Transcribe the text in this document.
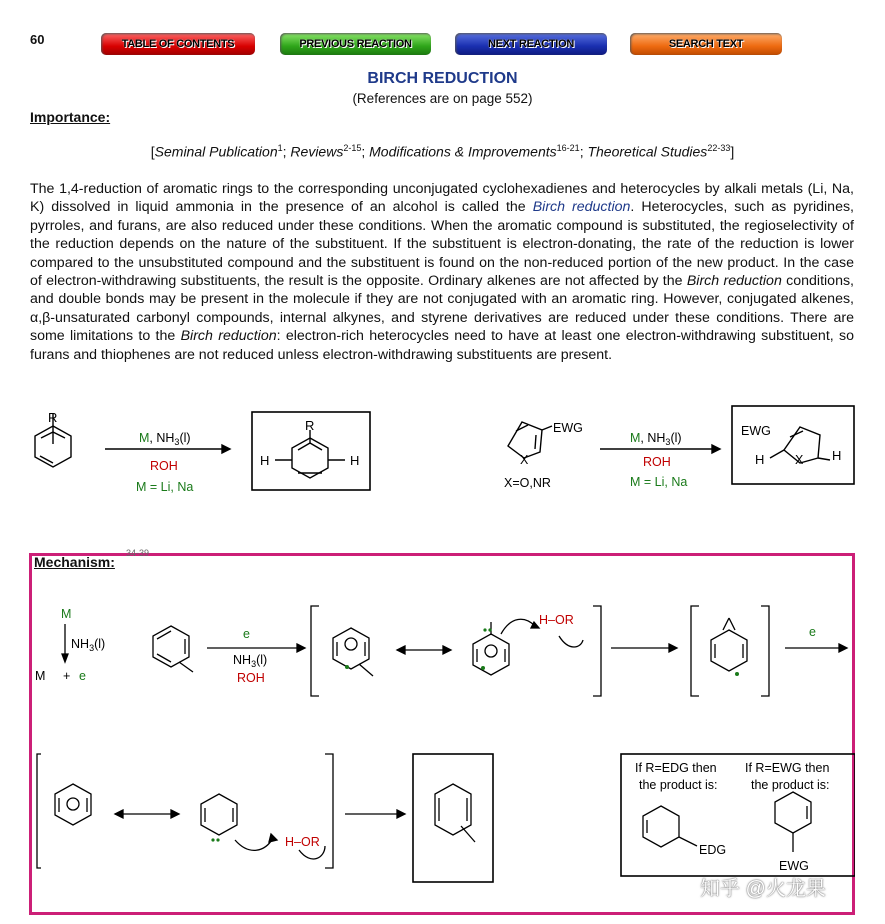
60	TABLE OF CONTENTS	PREVIOUS REACTION	NEXT REACTION	SEARCH TEXT
BIRCH REDUCTION
(References are on page 552)
Importance:
[Seminal Publication$^1$; Reviews$^{2-15}$; Modifications & Improvements$^{16-21}$; Theoretical Studies$^{22-33}$]
The 1,4-reduction of aromatic rings to the corresponding unconjugated cyclohexadienes and heterocycles by alkali metals (Li, Na, K) dissolved in liquid ammonia in the presence of an alcohol is called the Birch reduction. Heterocycles, such as pyridines, pyrroles, and furans, are also reduced under these conditions. When the aromatic compound is substituted, the regioselectivity of the reduction depends on the nature of the substituent. If the substituent is electron-donating, the rate of the reduction is lower compared to the unsubstituted compound and the substituent is found on the non-reduced portion of the new product. In the case of electron-withdrawing substituents, the result is the opposite. Ordinary alkenes are not affected by the Birch reduction conditions, and double bonds may be present in the molecule if they are not conjugated with an aromatic ring. However, conjugated alkenes, α,β-unsaturated carbonyl compounds, internal alkynes, and styrene derivatives are reduced under these conditions. There are some limitations to the Birch reduction: electron-rich heterocycles need to have at least one electron-withdrawing substituent, so furans and thiophenes are not reduced unless electron-withdrawing substituents are present.
R
M, $NH_3(l)$
ROH
M = Li, Na
R
H	H
EWG
X
X=O,NR
M, $NH_3(l)$
ROH
M = Li, Na
EWG
H X H
Mechanism:
34-39
M
$NH_3(l)$
M + e
e
$NH_3(l)$
ROH
H–OR
e
H–OR
If R=EDG then
the product is:
If R=EWG then
the product is:
EDG
EWG
知乎 @火龙果
